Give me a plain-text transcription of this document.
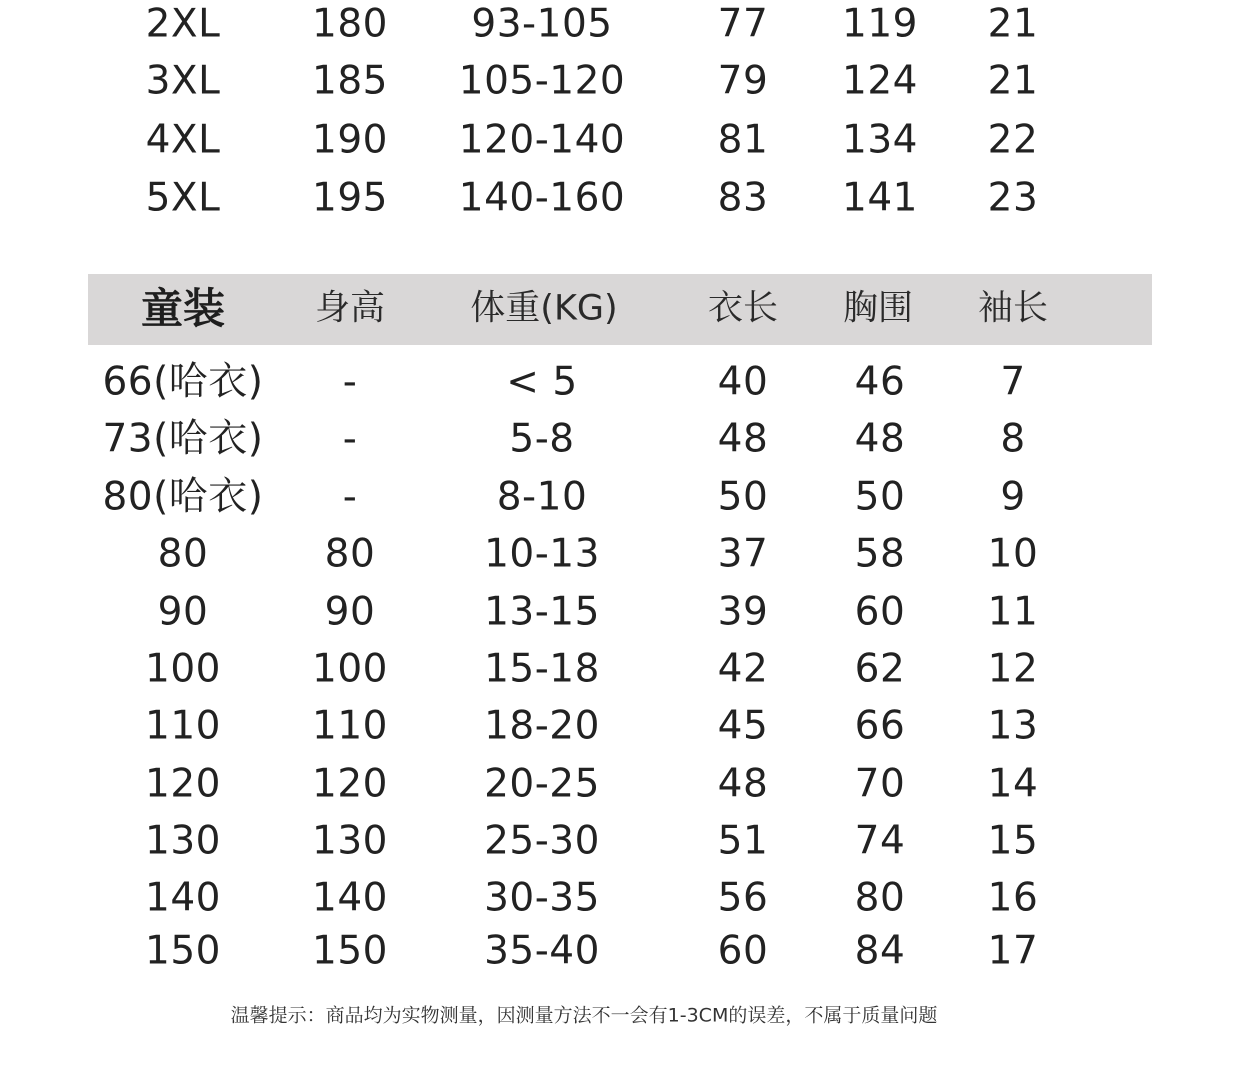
2XL 180 93-105	77 119 21
3XL 185 105-120 79 124 21
4XL 190 120-140 81 134 22
5XL 195 140-160 83 141 23
童装	身高 体重(KG)	衣长 胸围 袖长
66(哈衣) -	< 5	40 46 7
73(哈衣) -	5-8	48 48 8
80(哈衣) -	8-10	50 50 9
80	80	10-13	37 58 10
90	90	13-15	39 60 11
100 100 15-18	42 62 12
110 110 18-20	45 66 13
120 120 20-25	48 70 14
130 130 25-30	51 74 15
140 140 30-35	56 80 16
150 150 35-40	60 84 17
温馨提示：商品均为实物测量，因测量方法不一会有1-3CM的误差，不属于质量问题
